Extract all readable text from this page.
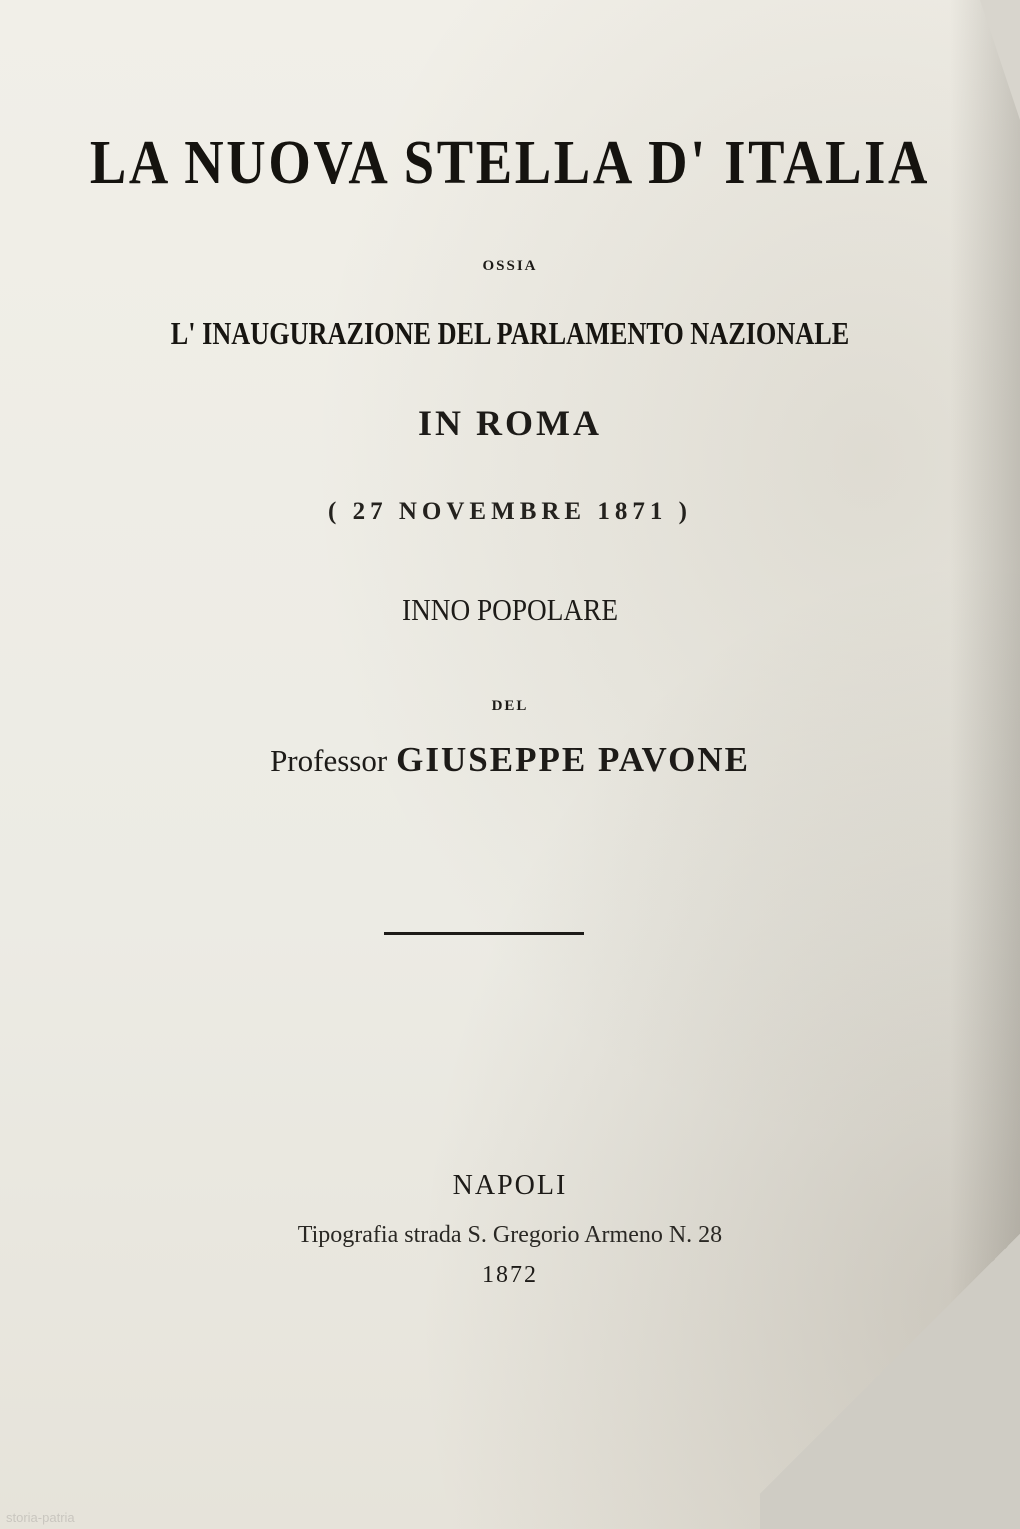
LA NUOVA STELLA D' ITALIA
OSSIA
L' INAUGURAZIONE DEL PARLAMENTO NAZIONALE
IN ROMA
( 27 NOVEMBRE 1871 )
INNO POPOLARE
DEL
Professor GIUSEPPE PAVONE
NAPOLI
Tipografia strada S. Gregorio Armeno N. 28
1872
storia-patria
